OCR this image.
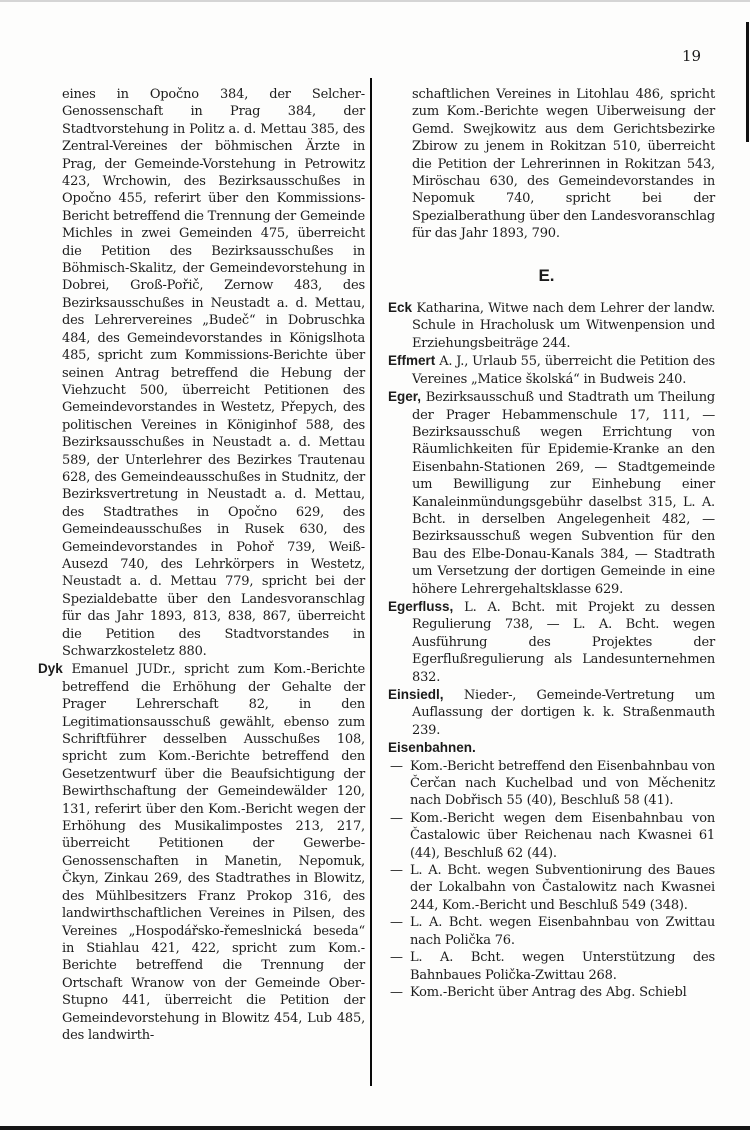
19

eines in Opočno 384, der Selcher-Genossenschaft in Prag 384, der Stadtvorstehung in Politz a. d. Mettau 385, des Zentral-Vereines der böhmischen Ärzte in Prag, der Gemeinde-Vorstehung in Petrowitz 423, Wrchowin, des Bezirksausschußes in Opočno 455, referirt über den Kommissions-Bericht betreffend die Trennung der Gemeinde Michles in zwei Gemeinden 475, überreicht die Petition des Bezirksausschußes in Böhmisch-Skalitz, der Gemeindevorstehung in Dobrei, Groß-Pořič, Zernow 483, des Bezirksausschußes in Neustadt a. d. Mettau, des Lehrervereines „Budeč“ in Dobruschka 484, des Gemeindevorstandes in Königslhota 485, spricht zum Kommissions-Berichte über seinen Antrag betreffend die Hebung der Viehzucht 500, überreicht Petitionen des Gemeindevorstandes in Westetz, Přepych, des politischen Vereines in Königinhof 588, des Bezirksausschußes in Neustadt a. d. Mettau 589, der Unterlehrer des Bezirkes Trautenau 628, des Gemeindeausschußes in Studnitz, der Bezirksvertretung in Neustadt a. d. Mettau, des Stadtrathes in Opočno 629, des Gemeindeausschußes in Rusek 630, des Gemeindevorstandes in Pohoř 739, Weiß-Ausezd 740, des Lehrkörpers in Westetz, Neustadt a. d. Mettau 779, spricht bei der Spezialdebatte über den Landesvoranschlag für das Jahr 1893, 813, 838, 867, überreicht die Petition des Stadtvorstandes in Schwarzkosteletz 880.

Dyk Emanuel JUDr., spricht zum Kom.-Berichte betreffend die Erhöhung der Gehalte der Prager Lehrerschaft 82, in den Legitimationsausschuß gewählt, ebenso zum Schriftführer desselben Ausschußes 108, spricht zum Kom.-Berichte betreffend den Gesetzentwurf über die Beaufsichtigung der Bewirthschaftung der Gemeindewälder 120, 131, referirt über den Kom.-Bericht wegen der Erhöhung des Musikalimpostes 213, 217, überreicht Petitionen der Gewerbe-Genossenschaften in Manetin, Nepomuk, Čkyn, Zinkau 269, des Stadtrathes in Blowitz, des Mühlbesitzers Franz Prokop 316, des landwirthschaftlichen Vereines in Pilsen, des Vereines „Hospodářsko-řemeslnická beseda“ in Stiahlau 421, 422, spricht zum Kom.-Berichte betreffend die Trennung der Ortschaft Wranow von der Gemeinde Ober-Stupno 441, überreicht die Petition der Gemeindevorstehung in Blowitz 454, Lub 485, des landwirth-

schaftlichen Vereines in Litohlau 486, spricht zum Kom.-Berichte wegen Uiberweisung der Gemd. Swejkowitz aus dem Gerichtsbezirke Zbirow zu jenem in Rokitzan 510, überreicht die Petition der Lehrerinnen in Rokitzan 543, Miröschau 630, des Gemeindevorstandes in Nepomuk 740, spricht bei der Spezialberathung über den Landesvoranschlag für das Jahr 1893, 790.

E.

Eck Katharina, Witwe nach dem Lehrer der landw. Schule in Hracholusk um Witwenpension und Erziehungsbeiträge 244.

Effmert A. J., Urlaub 55, überreicht die Petition des Vereines „Matice školská“ in Budweis 240.

Eger, Bezirksausschuß und Stadtrath um Theilung der Prager Hebammenschule 17, 111, — Bezirksausschuß wegen Errichtung von Räumlichkeiten für Epidemie-Kranke an den Eisenbahn-Stationen 269, — Stadtgemeinde um Bewilligung zur Einhebung einer Kanaleinmündungsgebühr daselbst 315, L. A. Bcht. in derselben Angelegenheit 482, — Bezirksausschuß wegen Subvention für den Bau des Elbe-Donau-Kanals 384, — Stadtrath um Versetzung der dortigen Gemeinde in eine höhere Lehrergehaltsklasse 629.

Egerfluss, L. A. Bcht. mit Projekt zu dessen Regulierung 738, — L. A. Bcht. wegen Ausführung des Projektes der Egerflußregulierung als Landesunternehmen 832.

Einsiedl, Nieder-, Gemeinde-Vertretung um Auflassung der dortigen k. k. Straßenmauth 239.

Eisenbahnen.

— Kom.-Bericht betreffend den Eisenbahnbau von Čerčan nach Kuchelbad und von Měchenitz nach Dobřisch 55 (40), Beschluß 58 (41).
— Kom.-Bericht wegen dem Eisenbahnbau von Častalowic über Reichenau nach Kwasnei 61 (44), Beschluß 62 (44).
— L. A. Bcht. wegen Subventionirung des Baues der Lokalbahn von Častalowitz nach Kwasnei 244, Kom.-Bericht und Beschluß 549 (348).
— L. A. Bcht. wegen Eisenbahnbau von Zwittau nach Polička 76.
— L. A. Bcht. wegen Unterstützung des Bahnbaues Polička-Zwittau 268.
— Kom.-Bericht über Antrag des Abg. Schiebl
